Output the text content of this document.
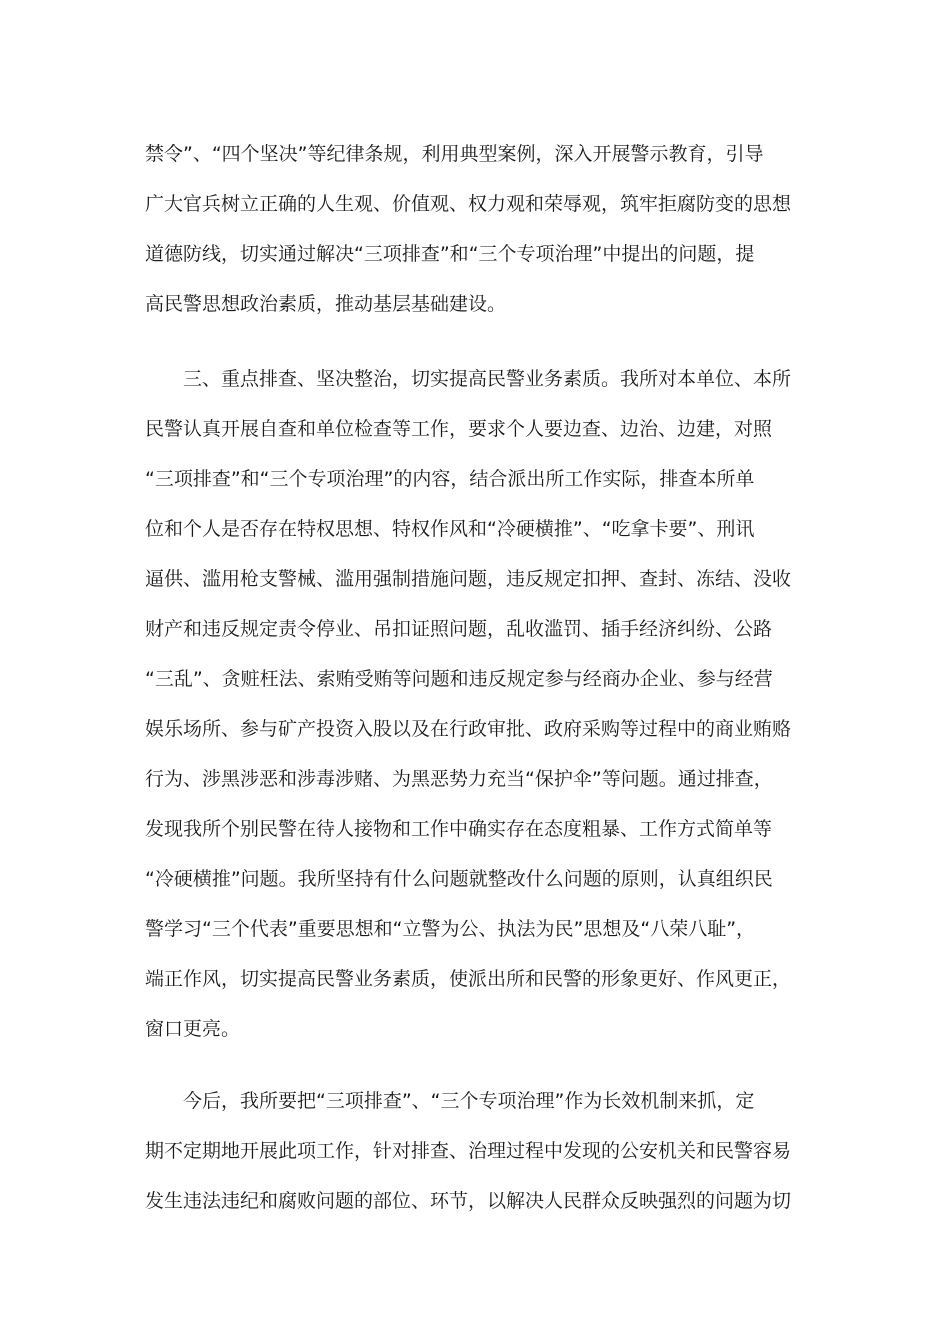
禁令”、“四个坚决”等纪律条规，利用典型案例，深入开展警示教育，引导
广大官兵树立正确的人生观、价值观、权力观和荣辱观，筑牢拒腐防变的思想
道德防线，切实通过解决“三项排查”和“三个专项治理”中提出的问题，提
高民警思想政治素质，推动基层基础建设。
三、重点排查、坚决整治，切实提高民警业务素质。我所对本单位、本所
民警认真开展自查和单位检查等工作，要求个人要边查、边治、边建，对照
“三项排查”和“三个专项治理”的内容，结合派出所工作实际，排查本所单
位和个人是否存在特权思想、特权作风和“冷硬横推”、“吃拿卡要”、刑讯
逼供、滥用枪支警械、滥用强制措施问题，违反规定扣押、查封、冻结、没收
财产和违反规定责令停业、吊扣证照问题，乱收滥罚、插手经济纠纷、公路
“三乱”、贪赃枉法、索贿受贿等问题和违反规定参与经商办企业、参与经营
娱乐场所、参与矿产投资入股以及在行政审批、政府采购等过程中的商业贿赂
行为、涉黑涉恶和涉毒涉赌、为黑恶势力充当“保护伞”等问题。通过排查，
发现我所个别民警在待人接物和工作中确实存在态度粗暴、工作方式简单等
“冷硬横推”问题。我所坚持有什么问题就整改什么问题的原则，认真组织民
警学习“三个代表”重要思想和“立警为公、执法为民”思想及“八荣八耻”，
端正作风，切实提高民警业务素质，使派出所和民警的形象更好、作风更正，
窗口更亮。
今后，我所要把“三项排查”、“三个专项治理”作为长效机制来抓，定
期不定期地开展此项工作，针对排查、治理过程中发现的公安机关和民警容易
发生违法违纪和腐败问题的部位、环节，以解决人民群众反映强烈的问题为切
